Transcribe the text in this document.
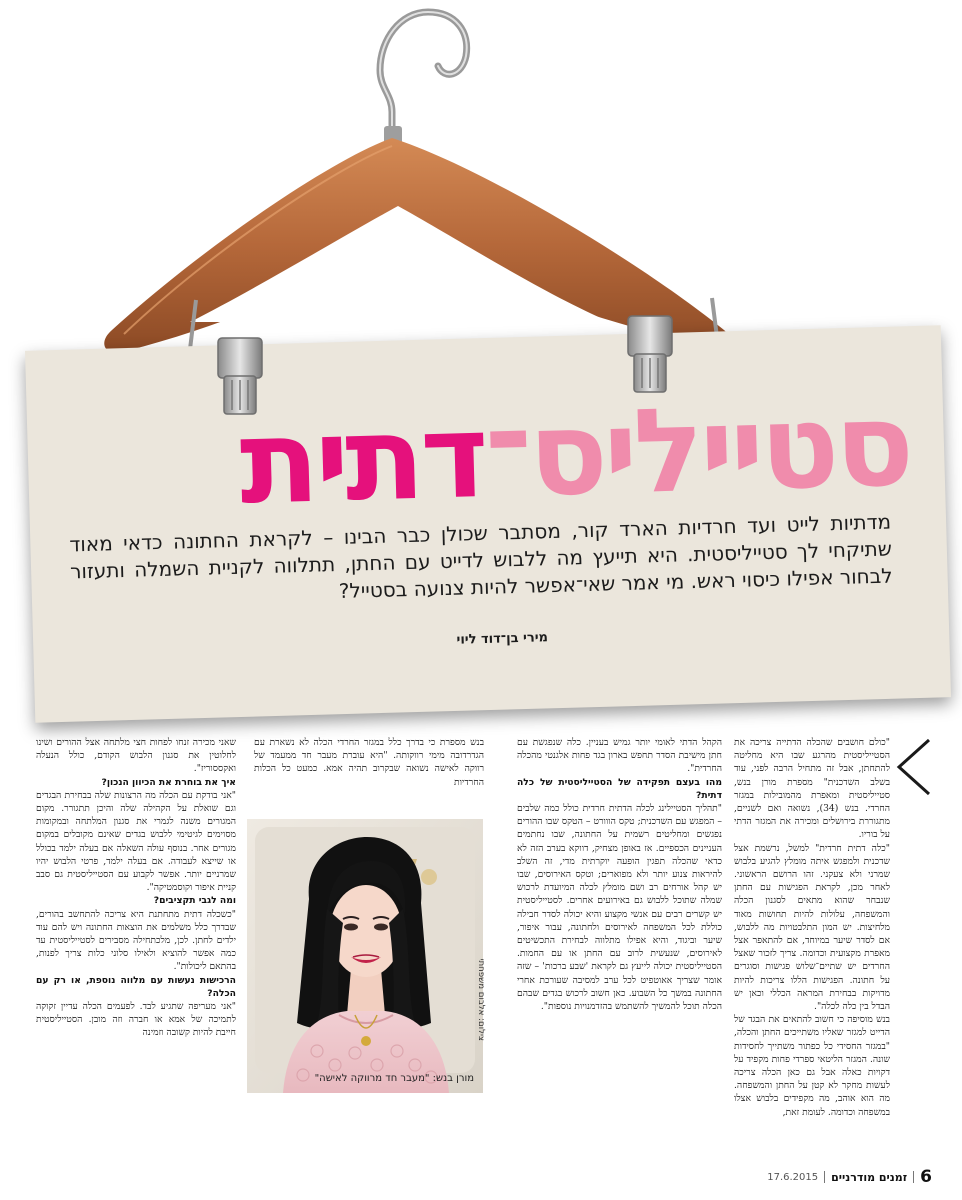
סטייליס־דתית
מדתיות לייט ועד חרדיות הארד קור, מסתבר שכולן כבר הבינו – לקראת החתונה כדאי מאוד שתיקחי לך סטייליסטית. היא תייעץ מה ללבוש לדייט עם החתן, תתלווה לקניית השמלה ותעזור לבחור אפילו כיסוי ראש. מי אמר שאי־אפשר להיות צנועה בסטייל?
מירי בן־דוד ליוי

"כולם חושבים שהכלה הדתייה צריכה את הסטייליסטית מהרגע שבו היא מחליטה להתחתן, אבל זה מתחיל הרבה לפני, עוד בשלב השדכנית" מספרת מורן בנש, סטייליסטית ומאפרת מהמובילות במגזר החרדי. בנש (34), נשואה ואם לשניים, מתגוררת בירושלים ומכירה את המגזר הדתי על בוריו.

"כלה דתית חרדית" למשל, נרשמת אצל שדכנית ולמפגש איתה מומלץ להגיע בלבוש שמרני ולא צעקני. זהו הרושם הראשוני. לאחר מכן, לקראת הפגישות עם החתן שנבחר שהוא מתאים לסגנון הכלה והמשפחה, עלולות להיות תחושות מאוד מלחיצות. יש המון התלבטויות מה ללבוש, אם לסדר שיער במיוחד, אם להתאפר אצל מאפרת מקצועית וכדומה. צריך לזכור שאצל החרדים יש שתיים־שלוש פגישות וסוגרים על חתונה. הפגישות הללו צריכות להיות מדויקות בבחירת המראה הכללי וכאן יש הבדל בין כלה לכלה".

בנש מוסיפה כי חשוב להתאים את הבגד של הדייט למגזר שאליו משתייכים החתן והכלה, "במגזר החסידי כל כפתור משתייך לחסידות שונה. המגזר הליטאי ספרדי פחות מקפיד על דקויות כאלה אבל גם כאן הכלה צריכה לעשות מחקר לא קטן על החתן והמשפחה. מה הוא אוהב, מה מקפידים בלבוש אצלו במשפחה וכדומה. לעומת זאת,

הקהל הדתי לאומי יותר גמיש בעניין. כלה שנפגשת עם חתן מישיבת הסדר תחפש בארון בגד פחות אלגנטי מהכלה החרדית".

מהו בעצם תפקידה של הסטייליסטית של כלה דתית?

"תהליך הסטיילינג לכלה הדתית חרדית כולל כמה שלבים – המפגש עם השדכנית; טקס הווורט – הטקס שבו ההורים נפגשים ומחליטים רשמית על החתונה, שבו נחתמים העניינים הכספיים. אז באופן מצחיק, דווקא בערב הזה לא כדאי שהכלה תפגין הופעה יוקרתית מדי, זה השלב להיראות צנוע יותר ולא מפוארים; וטקס האירוסים, שבו יש קהל אורחים רב ושם מומלץ לכלה המיועדת לרכוש שמלה שתוכל ללבוש גם באירועים אחרים. לסטייליסטית יש קשרים רבים עם אנשי מקצוע והיא יכולה לסדר חבילה כוללת לכל המשפחה לאירוסים ולחתונה, עבור איפור, שיער וביגוד, והיא אפילו מתלווה לבחירת התכשיטים לאירוסים, שנעשית לרוב עם החתן או עם החמות. הסטייליסטית יכולה לייעץ גם לקראת 'שבע ברכות' – שזה אומר שצריך אאוטפיט לכל ערב למסיבה שעורכת אחרי החתונה במשך כל השבוע. כאן חשוב לרכוש בגדים שבהם הכלה תוכל להמשיך להשתמש בהזדמנויות נוספות".

בנש מספרת כי בדרך כלל במגזר החרדי הכלה לא נשארת עם הגדרדובה מימי רווקותה. "היא עוברת מעבר חד ממעמד של רווקה לאישה נשואה שבקרוב תהיה אמא. כמעט כל הכלות החרדיות

שאני מכירה זנחו לפחות חצי מלתחה אצל ההורים ושינו לחלוטין את סגנון הלבוש הקודם, כולל הנעלה ואקססוריז".

איך את בוחרת את הכיוון הנכון?

"אני בודקת עם הכלה מה הרצונות שלה בבחירת הבגדים וגם שואלת על הקהילה שלה והיכן תתגורר. מקום המגורים משנה לגמרי את סגנון המלתחה ובמקומות מסוימים לגיטימי ללבוש בגדים שאינם מקובלים במקום מגורים אחר. בנוסף עולה השאלה אם בעלה ילמד בכולל או שייצא לעבודה. אם בעלה ילמד, פרטי הלבוש יהיו שמרניים יותר. אפשר לקבוע עם הסטייליסטית גם סבב קניית איפור וקוסמטיקה".

ומה לגבי תקציבים?

"כשכלה דתית מתחתנת היא צריכה להתחשב בהורים, שבדרך כלל משלמים את הוצאות החתונה ויש להם עוד ילדים לחתן. לכן, מלכתחילה מסבירים לסטייליסטית עד כמה אפשר להוציא ולאילו סלוני כלות צריך לפנות, בהתאם ליכולות".

הרכישות נעשות עם מלווה נוספת, או רק עם הכלה?

"אני מעריפה שתגיע לבד. לפעמים הכלה עדיין זקוקה לתמיכה של אמא או חברה וזה מובן. הסטייליסטית חייבת להיות קשובה וזמינה

מורן בנש: "מעבר חד מרווקה לאישה"
צילום: אלבום משפחתי
6
זמנים מודרניים
17.6.2015
